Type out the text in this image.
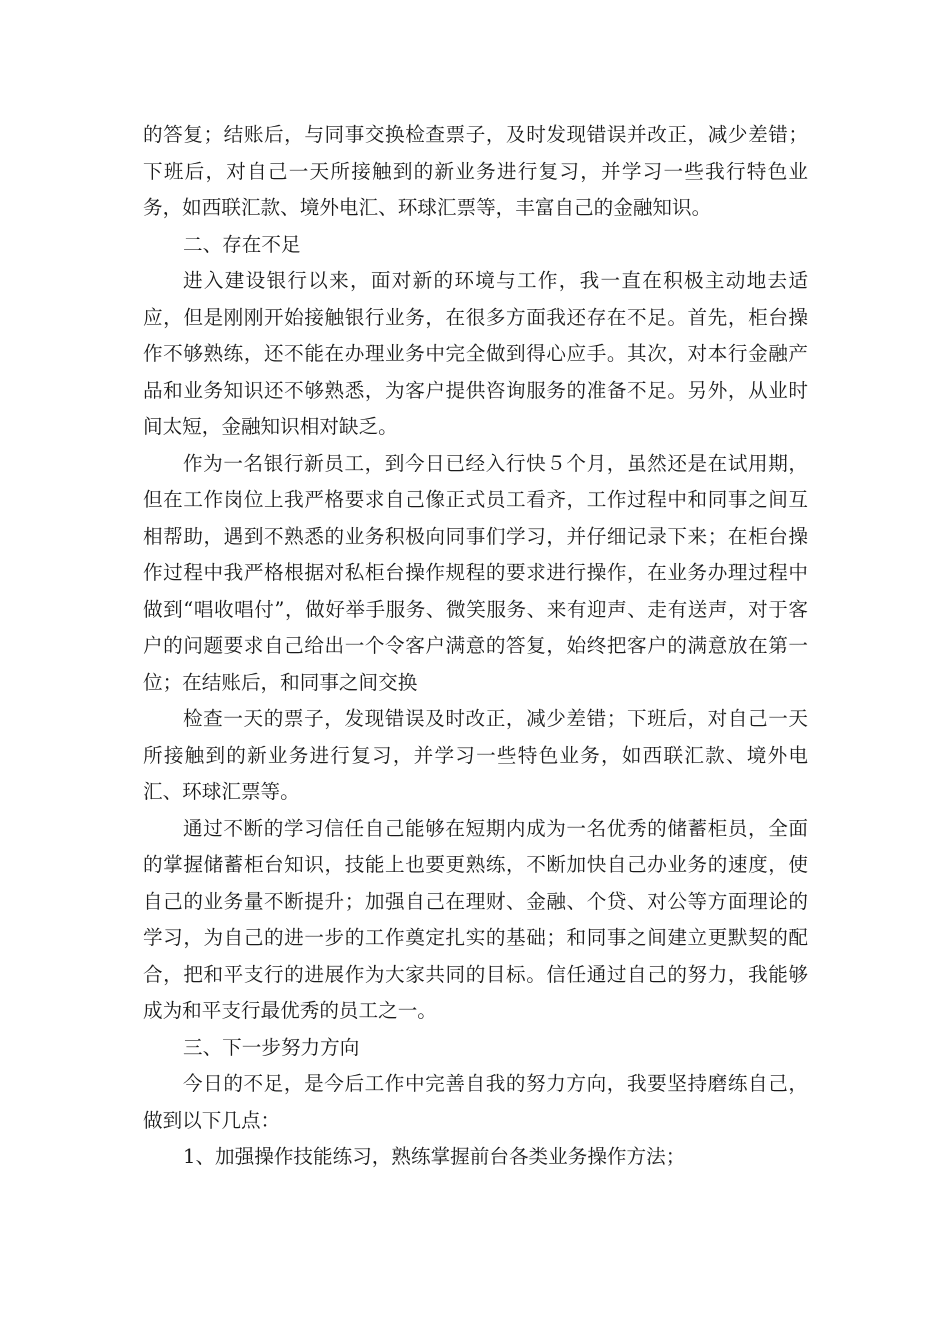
的答复；结账后，与同事交换检查票子，及时发现错误并改正，减少差错；下班后，对自己一天所接触到的新业务进行复习，并学习一些我行特色业务，如西联汇款、境外电汇、环球汇票等，丰富自己的金融知识。

二、存在不足

进入建设银行以来，面对新的环境与工作，我一直在积极主动地去适应，但是刚刚开始接触银行业务，在很多方面我还存在不足。首先，柜台操作不够熟练，还不能在办理业务中完全做到得心应手。其次，对本行金融产品和业务知识还不够熟悉，为客户提供咨询服务的准备不足。另外，从业时间太短，金融知识相对缺乏。

作为一名银行新员工，到今日已经入行快５个月，虽然还是在试用期，但在工作岗位上我严格要求自己像正式员工看齐，工作过程中和同事之间互相帮助，遇到不熟悉的业务积极向同事们学习，并仔细记录下来；在柜台操作过程中我严格根据对私柜台操作规程的要求进行操作，在业务办理过程中做到“唱收唱付”，做好举手服务、微笑服务、来有迎声、走有送声，对于客户的问题要求自己给出一个令客户满意的答复，始终把客户的满意放在第一位；在结账后，和同事之间交换

检查一天的票子，发现错误及时改正，减少差错；下班后，对自己一天所接触到的新业务进行复习，并学习一些特色业务，如西联汇款、境外电汇、环球汇票等。

通过不断的学习信任自己能够在短期内成为一名优秀的储蓄柜员，全面的掌握储蓄柜台知识，技能上也要更熟练，不断加快自己办业务的速度，使自己的业务量不断提升；加强自己在理财、金融、个贷、对公等方面理论的学习，为自己的进一步的工作奠定扎实的基础；和同事之间建立更默契的配合，把和平支行的进展作为大家共同的目标。信任通过自己的努力，我能够成为和平支行最优秀的员工之一。

三、下一步努力方向

今日的不足，是今后工作中完善自我的努力方向，我要坚持磨练自己，做到以下几点：

1、加强操作技能练习，熟练掌握前台各类业务操作方法；
